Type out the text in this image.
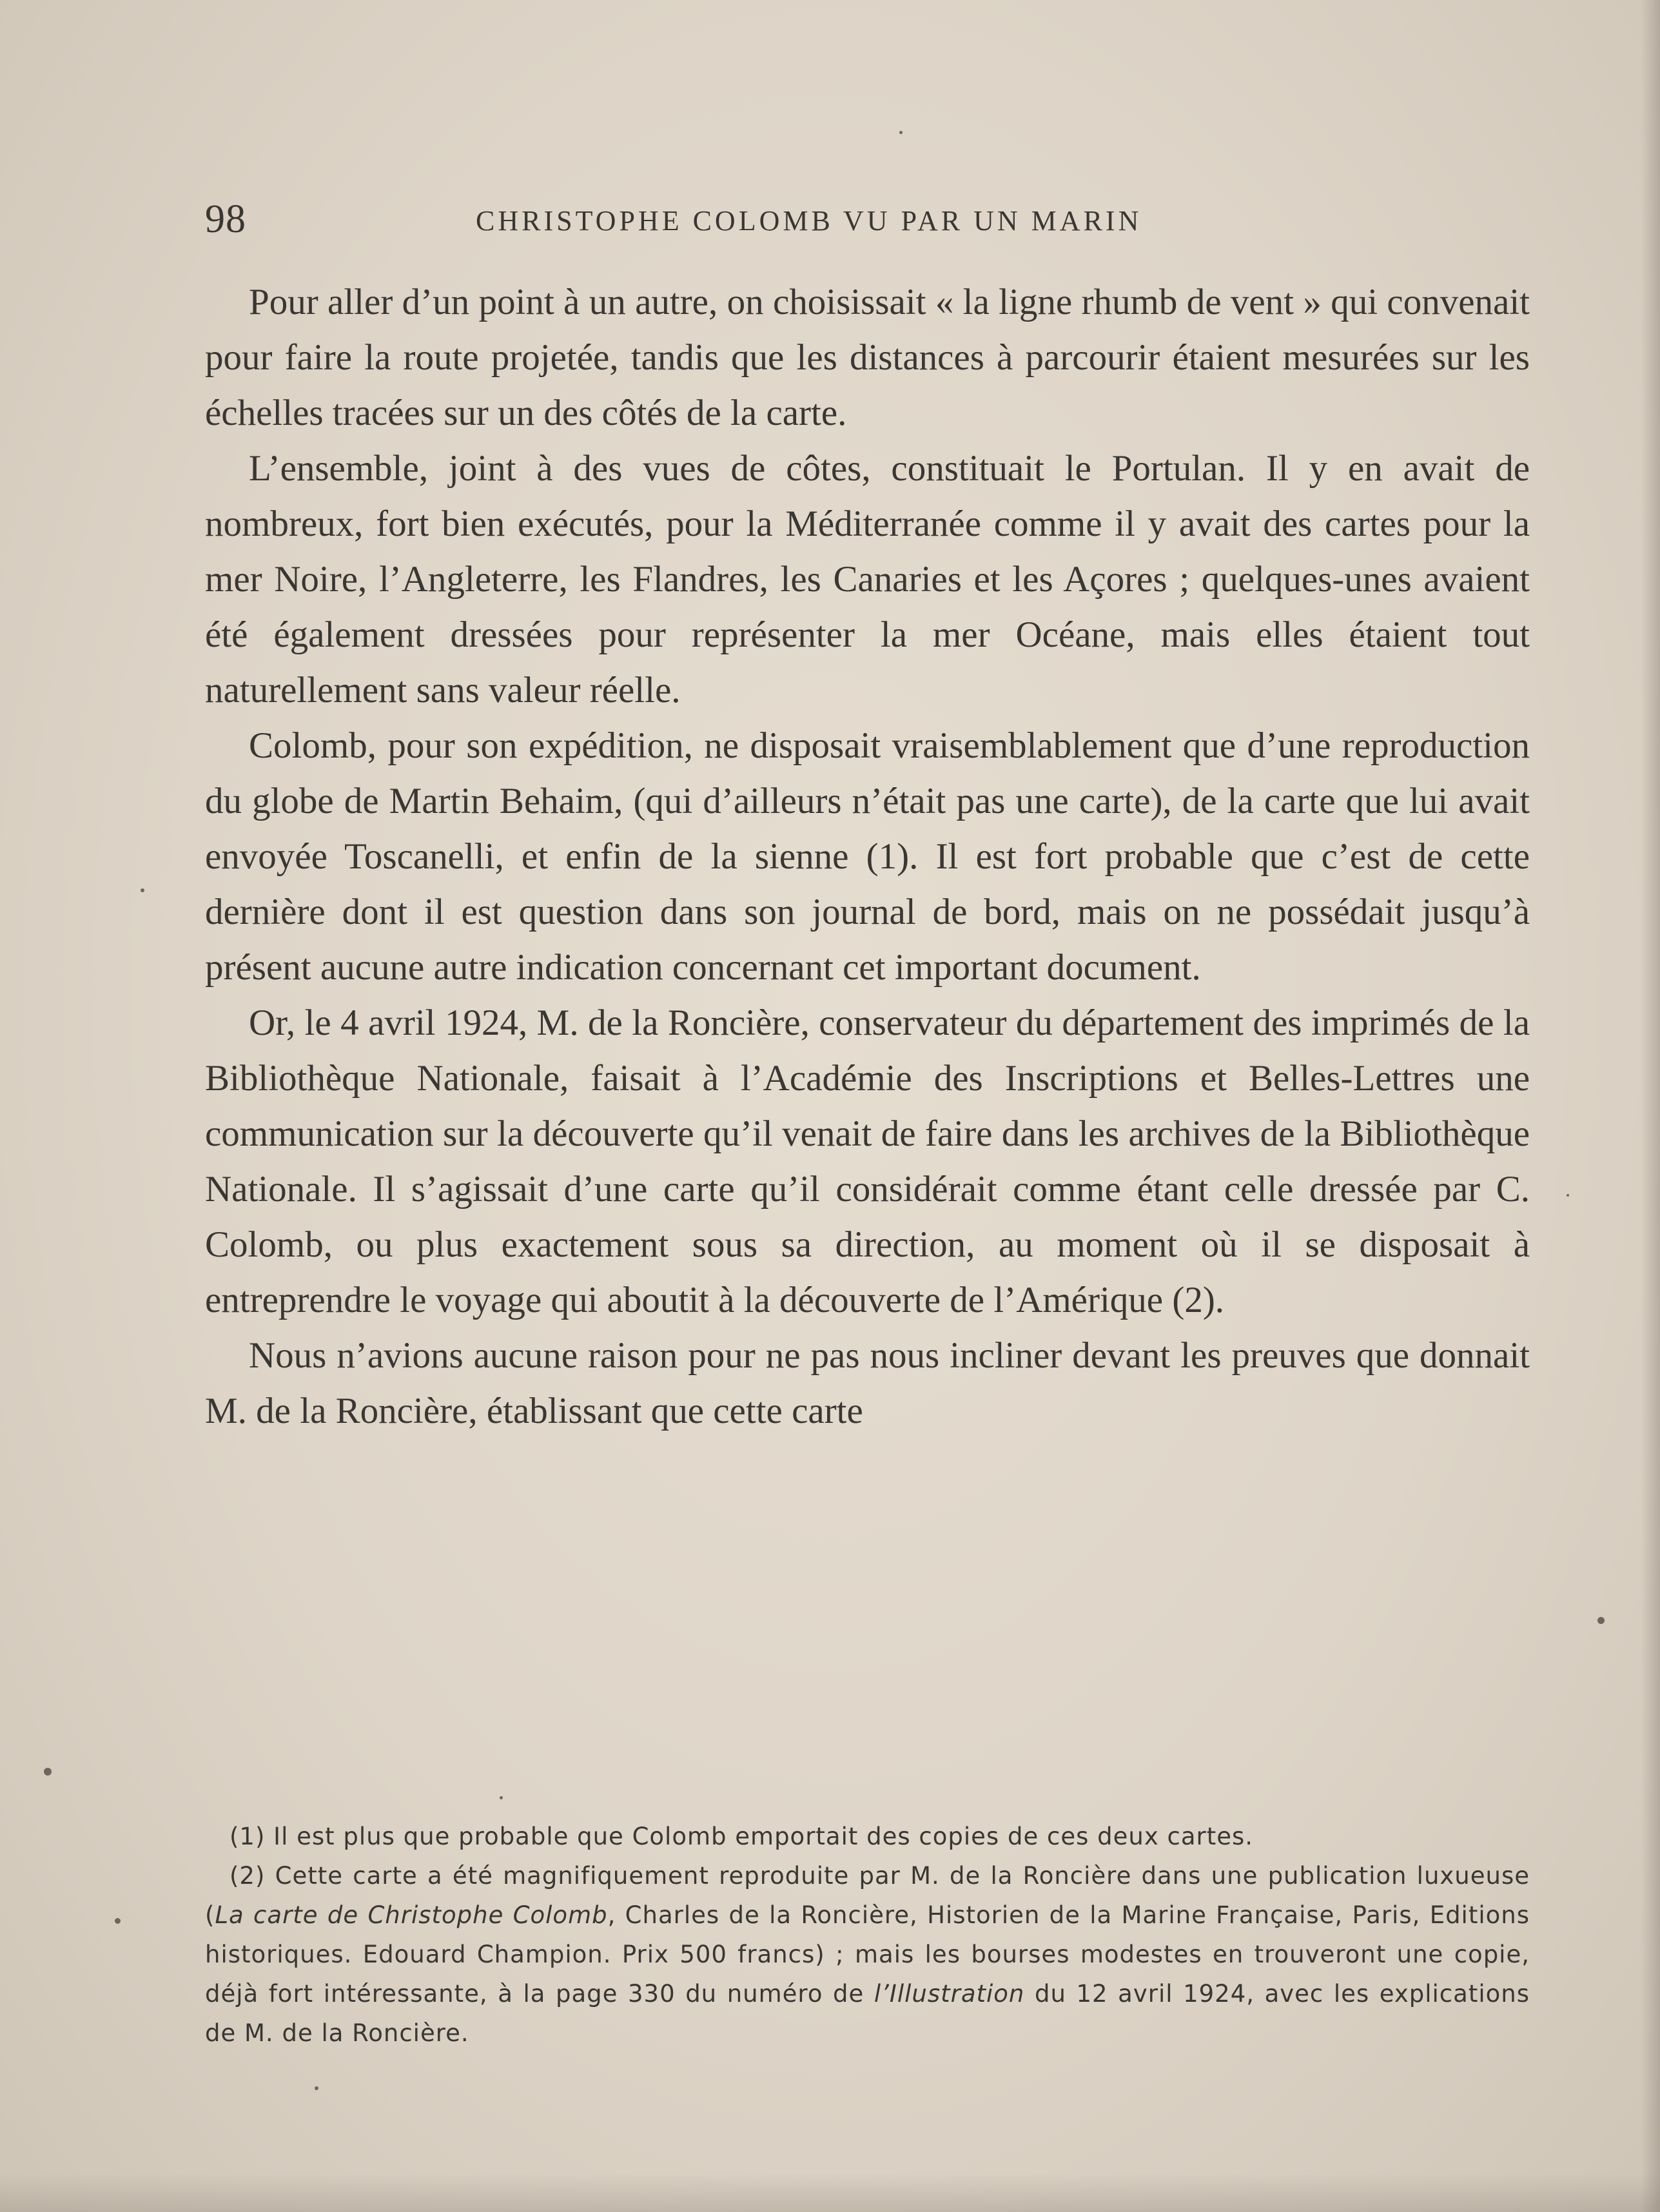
98	CHRISTOPHE COLOMB VU PAR UN MARIN

Pour aller d’un point à un autre, on choisissait « la ligne rhumb de vent » qui convenait pour faire la route projetée, tandis que les distances à parcourir étaient mesurées sur les échelles tracées sur un des côtés de la carte.

L’ensemble, joint à des vues de côtes, constituait le Portulan. Il y en avait de nombreux, fort bien exécutés, pour la Méditerranée comme il y avait des cartes pour la mer Noire, l’Angleterre, les Flandres, les Canaries et les Açores ; quelques-unes avaient été également dressées pour représenter la mer Océane, mais elles étaient tout naturellement sans valeur réelle.

Colomb, pour son expédition, ne disposait vraisemblablement que d’une reproduction du globe de Martin Behaim, (qui d’ailleurs n’était pas une carte), de la carte que lui avait envoyée Toscanelli, et enfin de la sienne (1). Il est fort probable que c’est de cette dernière dont il est question dans son journal de bord, mais on ne possédait jusqu’à présent aucune autre indication concernant cet important document.

Or, le 4 avril 1924, M. de la Roncière, conservateur du département des imprimés de la Bibliothèque Nationale, faisait à l’Académie des Inscriptions et Belles-Lettres une communication sur la découverte qu’il venait de faire dans les archives de la Bibliothèque Nationale. Il s’agissait d’une carte qu’il considérait comme étant celle dressée par C. Colomb, ou plus exactement sous sa direction, au moment où il se disposait à entreprendre le voyage qui aboutit à la découverte de l’Amérique (2).

Nous n’avions aucune raison pour ne pas nous incliner devant les preuves que donnait M. de la Roncière, établissant que cette carte

(1) Il est plus que probable que Colomb emportait des copies de ces deux cartes.

(2) Cette carte a été magnifiquement reproduite par M. de la Roncière dans une publication luxueuse (La carte de Christophe Colomb, Charles de la Roncière, Historien de la Marine Française, Paris, Editions historiques. Edouard Champion. Prix 500 francs) ; mais les bourses modestes en trouveront une copie, déjà fort intéressante, à la page 330 du numéro de l’Illustration du 12 avril 1924, avec les explications de M. de la Roncière.
